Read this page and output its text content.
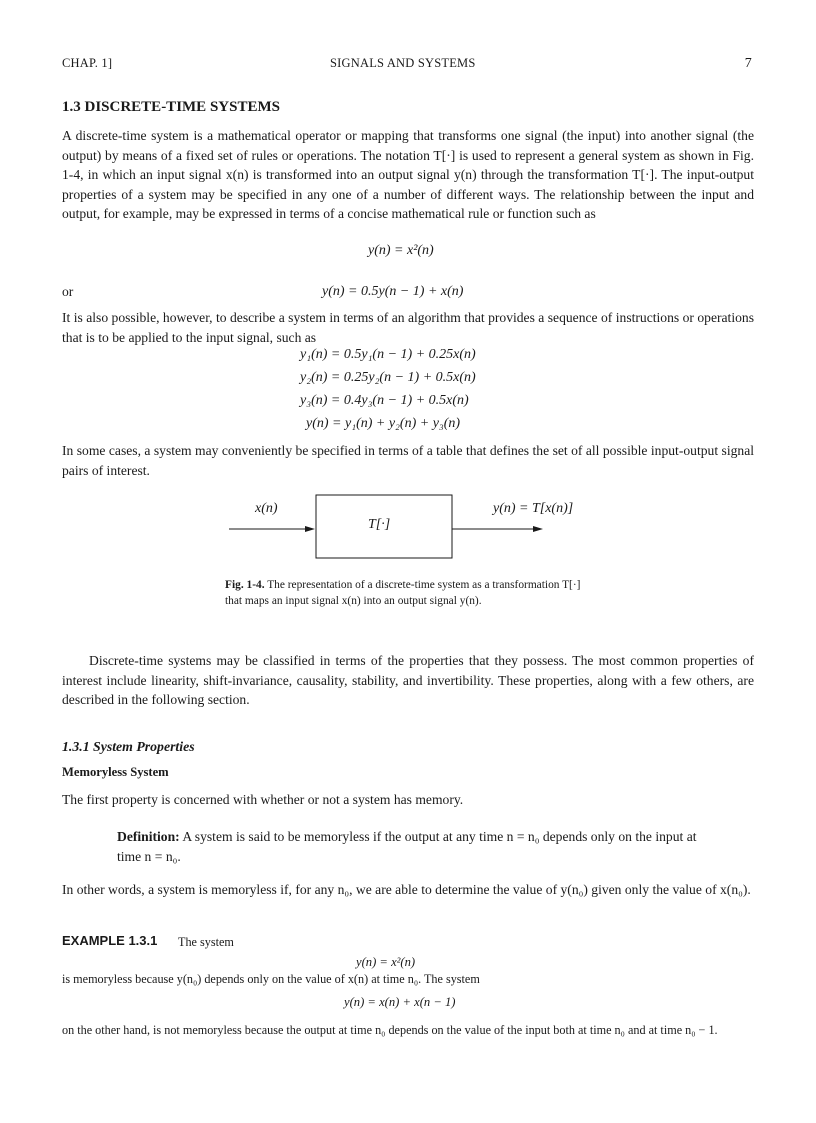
CHAP. 1]	SIGNALS AND SYSTEMS	7
1.3 DISCRETE-TIME SYSTEMS
A discrete-time system is a mathematical operator or mapping that transforms one signal (the input) into another signal (the output) by means of a fixed set of rules or operations. The notation T[·] is used to represent a general system as shown in Fig. 1-4, in which an input signal x(n) is transformed into an output signal y(n) through the transformation T[·]. The input-output properties of a system may be specified in any one of a number of different ways. The relationship between the input and output, for example, may be expressed in terms of a concise mathematical rule or function such as
y(n) = x²(n)
or	y(n) = 0.5y(n − 1) + x(n)
It is also possible, however, to describe a system in terms of an algorithm that provides a sequence of instructions or operations that is to be applied to the input signal, such as
y₁(n) = 0.5y₁(n − 1) + 0.25x(n)
y₂(n) = 0.25y₂(n − 1) + 0.5x(n)
y₃(n) = 0.4y₃(n − 1) + 0.5x(n)
y(n) = y₁(n) + y₂(n) + y₃(n)
In some cases, a system may conveniently be specified in terms of a table that defines the set of all possible input-output signal pairs of interest.
x(n)
T[·]
y(n) = T[x(n)]
Fig. 1-4. The representation of a discrete-time system as a transformation T[·] that maps an input signal x(n) into an output signal y(n).
Discrete-time systems may be classified in terms of the properties that they possess. The most common properties of interest include linearity, shift-invariance, causality, stability, and invertibility. These properties, along with a few others, are described in the following section.
1.3.1 System Properties
Memoryless System
The first property is concerned with whether or not a system has memory.
Definition: A system is said to be memoryless if the output at any time n = n₀ depends only on the input at time n = n₀.
In other words, a system is memoryless if, for any n₀, we are able to determine the value of y(n₀) given only the value of x(n₀).
EXAMPLE 1.3.1 The system
y(n) = x²(n)
is memoryless because y(n₀) depends only on the value of x(n) at time n₀. The system
y(n) = x(n) + x(n − 1)
on the other hand, is not memoryless because the output at time n₀ depends on the value of the input both at time n₀ and at time n₀ − 1.
